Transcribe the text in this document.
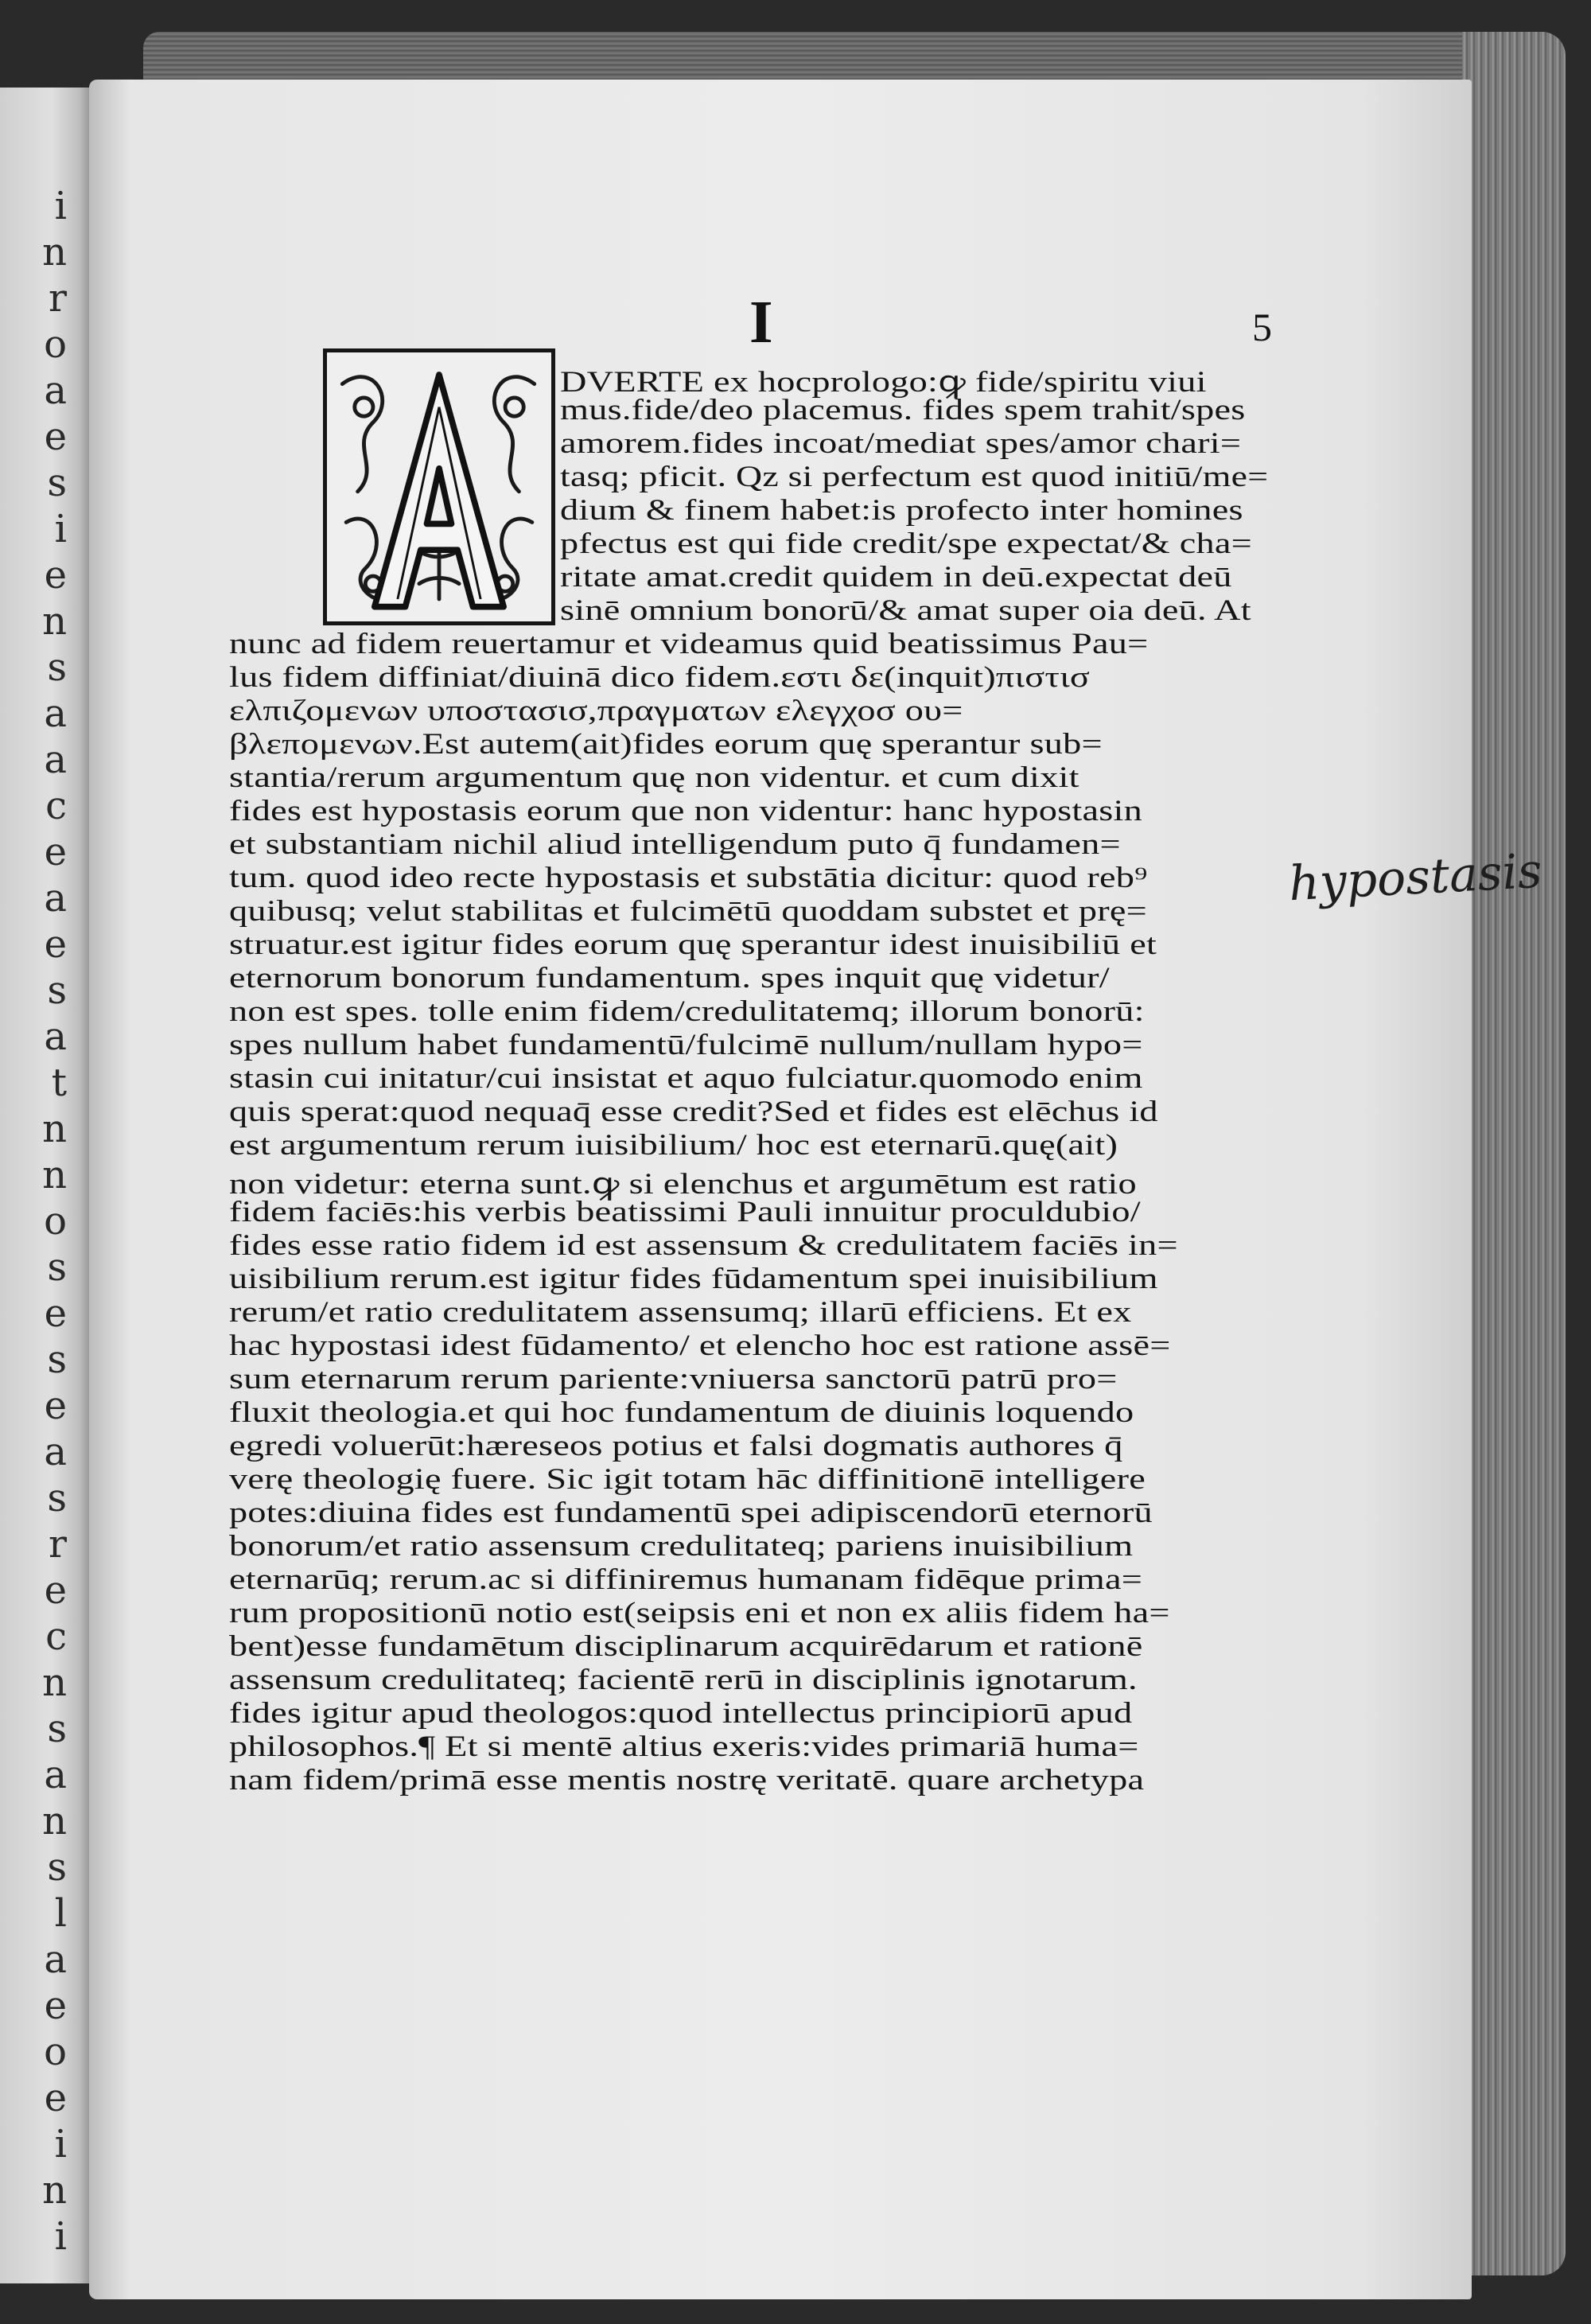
i
n
r
o
a
e
s
i
e
n
s
a
a
c
e
a
e
s
a
t
n
n
o
s
e
s
e
a
s
r
e
c
n
s
a
n
s
l
a
e
o
e
i
n
i
I	5
DVERTE ex hocprologo:ꝙ fide/spiritu viui
mus.fide/deo placemus. fides spem trahit/spes
amorem.fides incoat/mediat spes/amor chari=
tasq; pficit. Qz si perfectum est quod initiū/me=
dium & finem habet:is profecto inter homines
pfectus est qui fide credit/spe expectat/& cha=
ritate amat.credit quidem in deū.expectat deū
sinē omnium bonorū/& amat super oia deū. At
nunc ad fidem reuertamur et videamus quid beatissimus Pau=
lus fidem diffiniat/diuinā dico fidem.εστι δε(inquit)πιστισ
ελπιζομενων υποστασισ,πραγματων ελεγχοσ ου=
βλεπομενων.Est autem(ait)fides eorum quę sperantur sub=
stantia/rerum argumentum quę non videntur. et cum dixit
fides est hypostasis eorum que non videntur: hanc hypostasin
et substantiam nichil aliud intelligendum puto q̄ fundamen=
tum. quod ideo recte hypostasis et substātia dicitur: quod reb⁹
quibusq; velut stabilitas et fulcimētū quoddam substet et prę=
struatur.est igitur fides eorum quę sperantur idest inuisibiliū et
eternorum bonorum fundamentum. spes inquit quę videtur/
non est spes. tolle enim fidem/credulitatemq; illorum bonorū:
spes nullum habet fundamentū/fulcimē nullum/nullam hypo=
stasin cui initatur/cui insistat et aquo fulciatur.quomodo enim
quis sperat:quod nequaq̄ esse credit?Sed et fides est elēchus id
est argumentum rerum iuisibilium/ hoc est eternarū.quę(ait)
non videtur: eterna sunt.ꝙ si elenchus et argumētum est ratio
fidem faciēs:his verbis beatissimi Pauli innuitur proculdubio/
fides esse ratio fidem id est assensum & credulitatem faciēs in=
uisibilium rerum.est igitur fides fūdamentum spei inuisibilium
rerum/et ratio credulitatem assensumq; illarū efficiens. Et ex
hac hypostasi idest fūdamento/ et elencho hoc est ratione assē=
sum eternarum rerum pariente:vniuersa sanctorū patrū pro=
fluxit theologia.et qui hoc fundamentum de diuinis loquendo
egredi voluerūt:hæreseos potius et falsi dogmatis authores q̄
verę theologię fuere. Sic igit totam hāc diffinitionē intelligere
potes:diuina fides est fundamentū spei adipiscendorū eternorū
bonorum/et ratio assensum credulitateq; pariens inuisibilium
eternarūq; rerum.ac si diffiniremus humanam fidēque prima=
rum propositionū notio est(seipsis eni et non ex aliis fidem ha=
bent)esse fundamētum disciplinarum acquirēdarum et rationē
assensum credulitateq; facientē rerū in disciplinis ignotarum.
fides igitur apud theologos:quod intellectus principiorū apud
philosophos.¶ Et si mentē altius exeris:vides primariā huma=
nam fidem/primā esse mentis nostrę veritatē. quare archetypa
hypostasis
